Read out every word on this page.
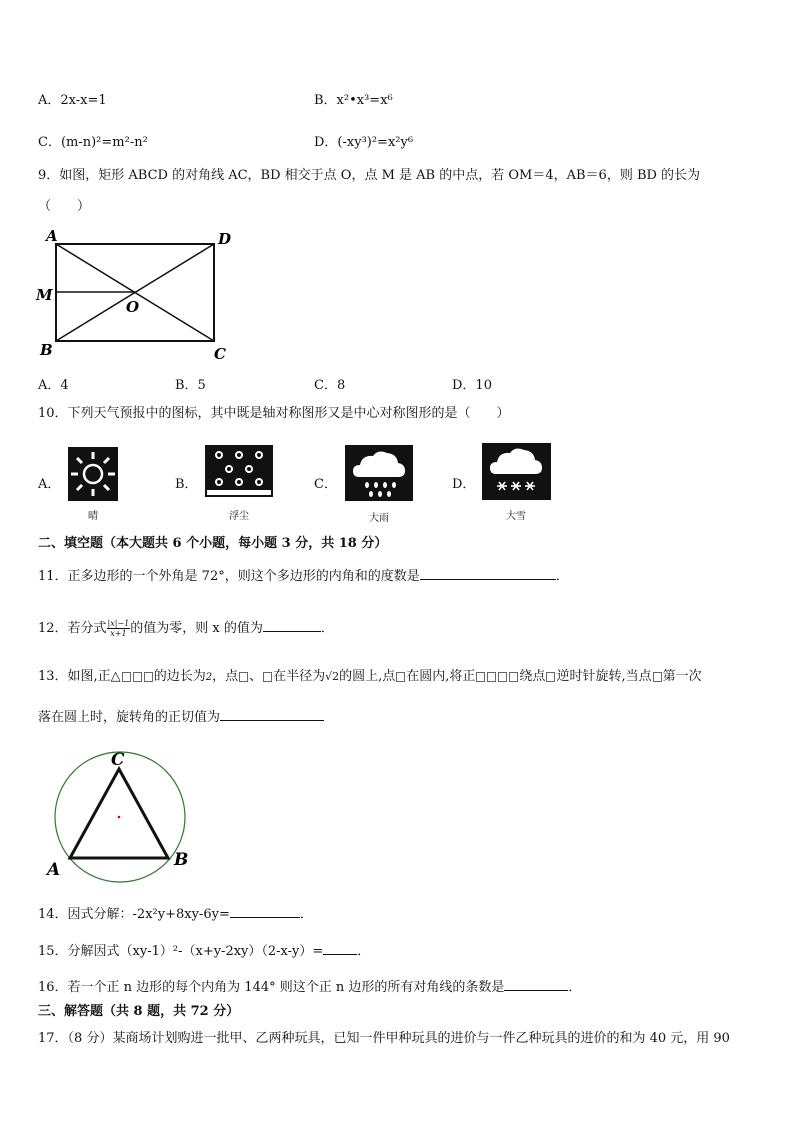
A．2x-x=1	B．x²•x³=x⁶
C．(m-n)²=m²-n²	D．(-xy³)²=x²y⁶
9．如图，矩形 ABCD 的对角线 AC，BD 相交于点 O，点 M 是 AB 的中点，若 OM＝4，AB＝6，则 BD 的长为
（　　）
A	D
M
O
B	C
A．4	B．5	C．8	D．10
10．下列天气预报中的图标，其中既是轴对称图形又是中心对称图形的是（　　）
A．
晴
B．
浮尘
C．
大雨
D．
大雪
二、填空题（本大题共 6 个小题，每小题 3 分，共 18 分）
11．正多边形的一个外角是 72°，则这个多边形的内角和的度数是	．
12．若分式 $\frac{|x|-1}{x+1}$ 的值为零，则 x 的值为	．
13．如图,正△	的边长为2，点 、 在半径为√2的圆上,点 在圆内,将正	绕点 逆时针旋转,当点 第一次
落在圆上时，旋转角的正切值为
C
A	B
14．因式分解：-2x²y+8xy-6y=	．
15．分解因式（xy-1）²-（x+y-2xy）（2-x-y）=	．
16．若一个正 n 边形的每个内角为 144° 则这个正 n 边形的所有对角线的条数是	．
三、解答题（共 8 题，共 72 分）
17．（8 分）某商场计划购进一批甲、乙两种玩具，已知一件甲种玩具的进价与一件乙种玩具的进价的和为 40 元，用 90
